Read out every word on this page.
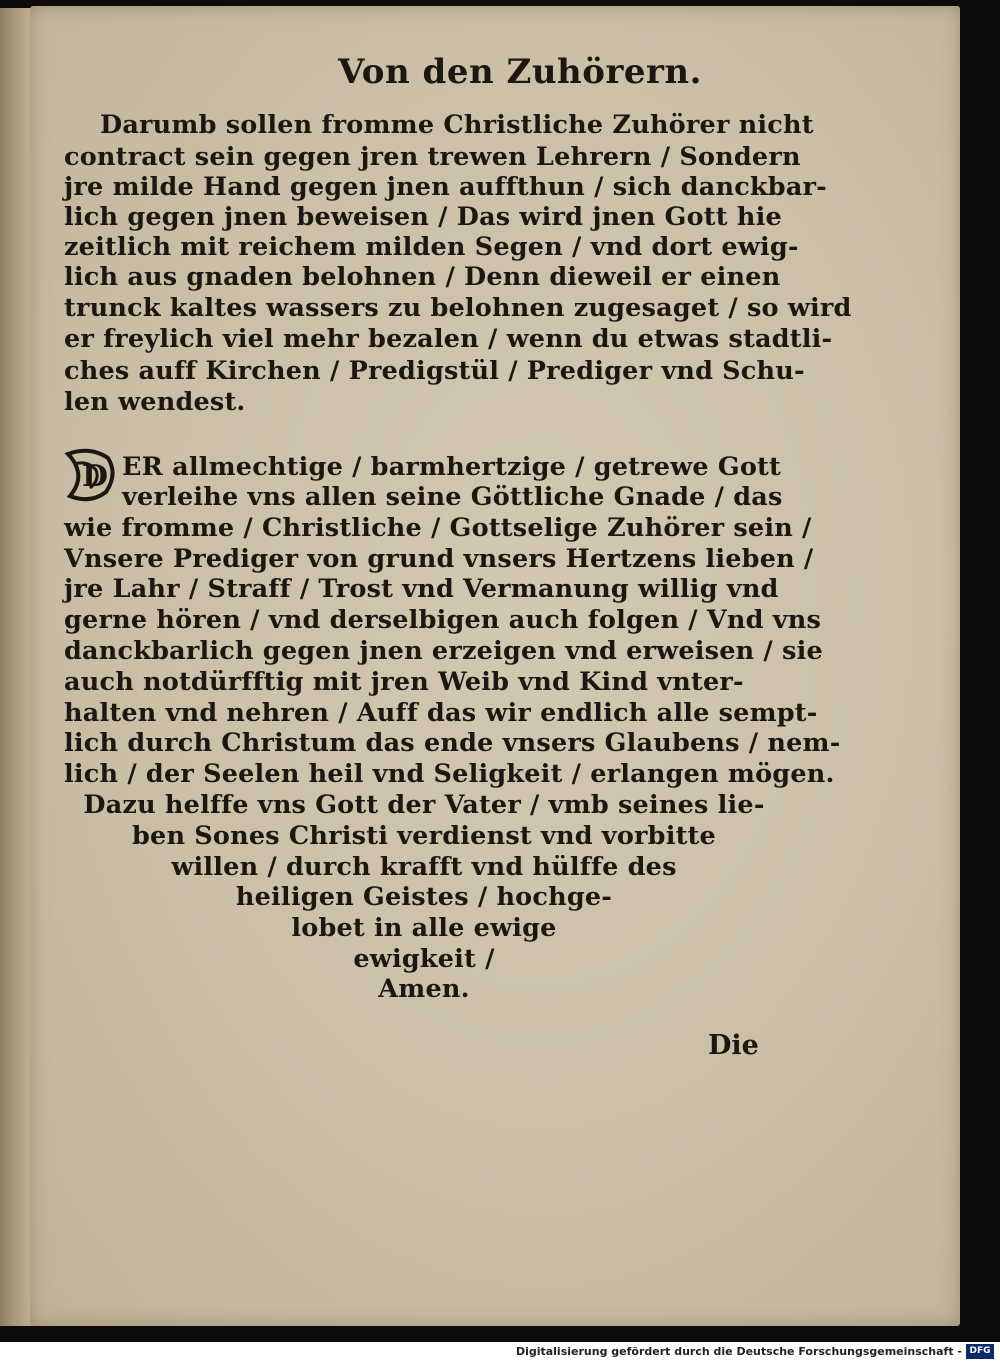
Von den Zuhörern.
Darumb sollen fromme Christliche Zuhörer nicht
contract sein gegen jren trewen Lehrern / Sondern
jre milde Hand gegen jnen auffthun / sich danckbar-
lich gegen jnen beweisen / Das wird jnen Gott hie
zeitlich mit reichem milden Segen / vnd dort ewig-
lich aus gnaden belohnen / Denn dieweil er einen
trunck kaltes wassers zu belohnen zugesaget / so wird
er freylich viel mehr bezalen / wenn du etwas stadtli-
ches auff Kirchen / Predigstül / Prediger vnd Schu-
len wendest.
D ER allmechtige / barmhertzige / getrewe Gott
verleihe vns allen seine Göttliche Gnade / das
wie fromme / Christliche / Gottselige Zuhörer sein /
Vnsere Prediger von grund vnsers Hertzens lieben /
jre Lahr / Straff / Trost vnd Vermanung willig vnd
gerne hören / vnd derselbigen auch folgen / Vnd vns
danckbarlich gegen jnen erzeigen vnd erweisen / sie
auch notdürfftig mit jren Weib vnd Kind vnter-
halten vnd nehren / Auff das wir endlich alle sempt-
lich durch Christum das ende vnsers Glaubens / nem-
lich / der Seelen heil vnd Seligkeit / erlangen mögen.
Dazu helffe vns Gott der Vater / vmb seines lie-
ben Sones Christi verdienst vnd vorbitte
willen / durch krafft vnd hülffe des
heiligen Geistes / hochge-
lobet in alle ewige
ewigkeit /
Amen.
Die
Digitalisierung gefördert durch die Deutsche Forschungsgemeinschaft - DFG
